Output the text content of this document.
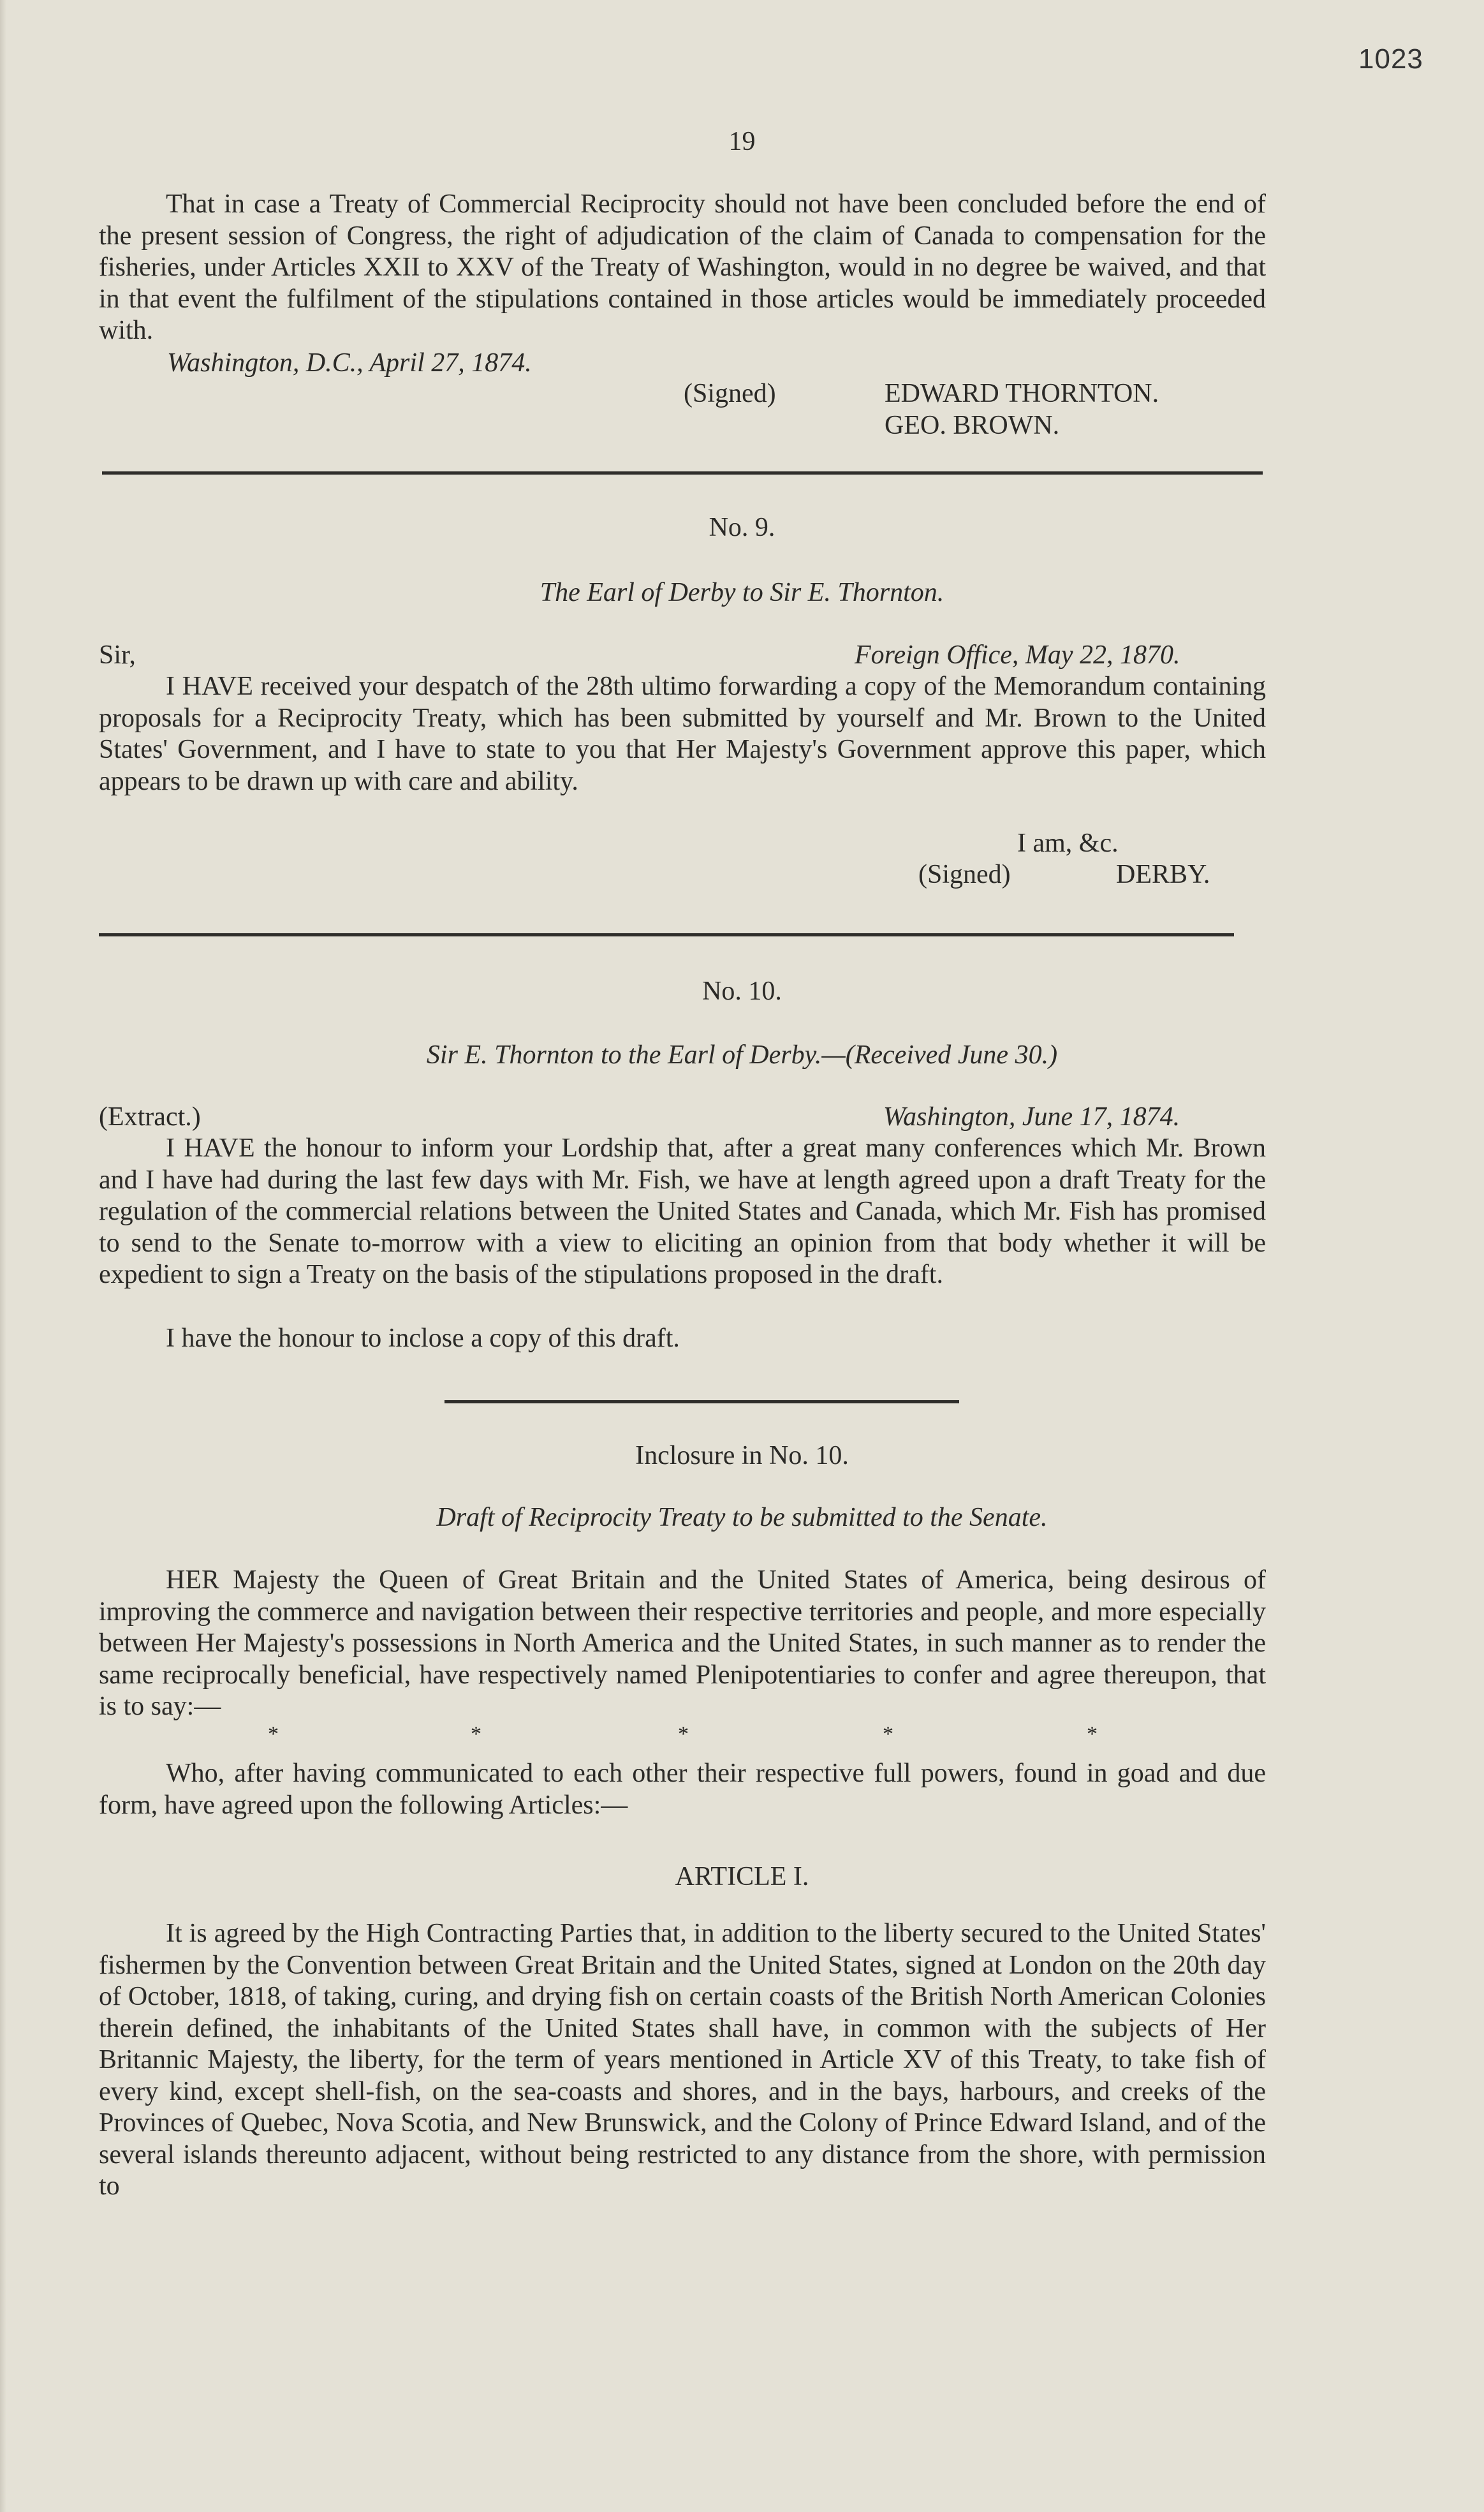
1023
19

That in case a Treaty of Commercial Reciprocity should not have been concluded before the end of the present session of Congress, the right of adjudication of the claim of Canada to compensation for the fisheries, under Articles XXII to XXV of the Treaty of Washington, would in no degree be waived, and that in that event the fulfilment of the stipulations contained in those articles would be immediately proceeded with.

Washington, D.C., April 27, 1874.
(Signed)	EDWARD THORNTON.
GEO. BROWN.
No. 9.
The Earl of Derby to Sir E. Thornton.
Sir,	Foreign Office, May 22, 1870.

I HAVE received your despatch of the 28th ultimo forwarding a copy of the Memorandum containing proposals for a Reciprocity Treaty, which has been submitted by yourself and Mr. Brown to the United States' Government, and I have to state to you that Her Majesty's Government approve this paper, which appears to be drawn up with care and ability.

I am, &c.
(Signed)	DERBY.
No. 10.
Sir E. Thornton to the Earl of Derby.—(Received June 30.)
(Extract.)	Washington, June 17, 1874.

I HAVE the honour to inform your Lordship that, after a great many conferences which Mr. Brown and I have had during the last few days with Mr. Fish, we have at length agreed upon a draft Treaty for the regulation of the commercial relations between the United States and Canada, which Mr. Fish has promised to send to the Senate to-morrow with a view to eliciting an opinion from that body whether it will be expedient to sign a Treaty on the basis of the stipulations proposed in the draft.

I have the honour to inclose a copy of this draft.
Inclosure in No. 10.
Draft of Reciprocity Treaty to be submitted to the Senate.

HER Majesty the Queen of Great Britain and the United States of America, being desirous of improving the commerce and navigation between their respective territories and people, and more especially between Her Majesty's possessions in North America and the United States, in such manner as to render the same reciprocally beneficial, have respectively named Plenipotentiaries to confer and agree thereupon, that is to say:—

*	*	*	*	*

Who, after having communicated to each other their respective full powers, found in goad and due form, have agreed upon the following Articles:—

ARTICLE I.

It is agreed by the High Contracting Parties that, in addition to the liberty secured to the United States' fishermen by the Convention between Great Britain and the United States, signed at London on the 20th day of October, 1818, of taking, curing, and drying fish on certain coasts of the British North American Colonies therein defined, the inhabitants of the United States shall have, in common with the subjects of Her Britannic Majesty, the liberty, for the term of years mentioned in Article XV of this Treaty, to take fish of every kind, except shell-fish, on the sea-coasts and shores, and in the bays, harbours, and creeks of the Provinces of Quebec, Nova Scotia, and New Brunswick, and the Colony of Prince Edward Island, and of the several islands thereunto adjacent, without being restricted to any distance from the shore, with permission to
